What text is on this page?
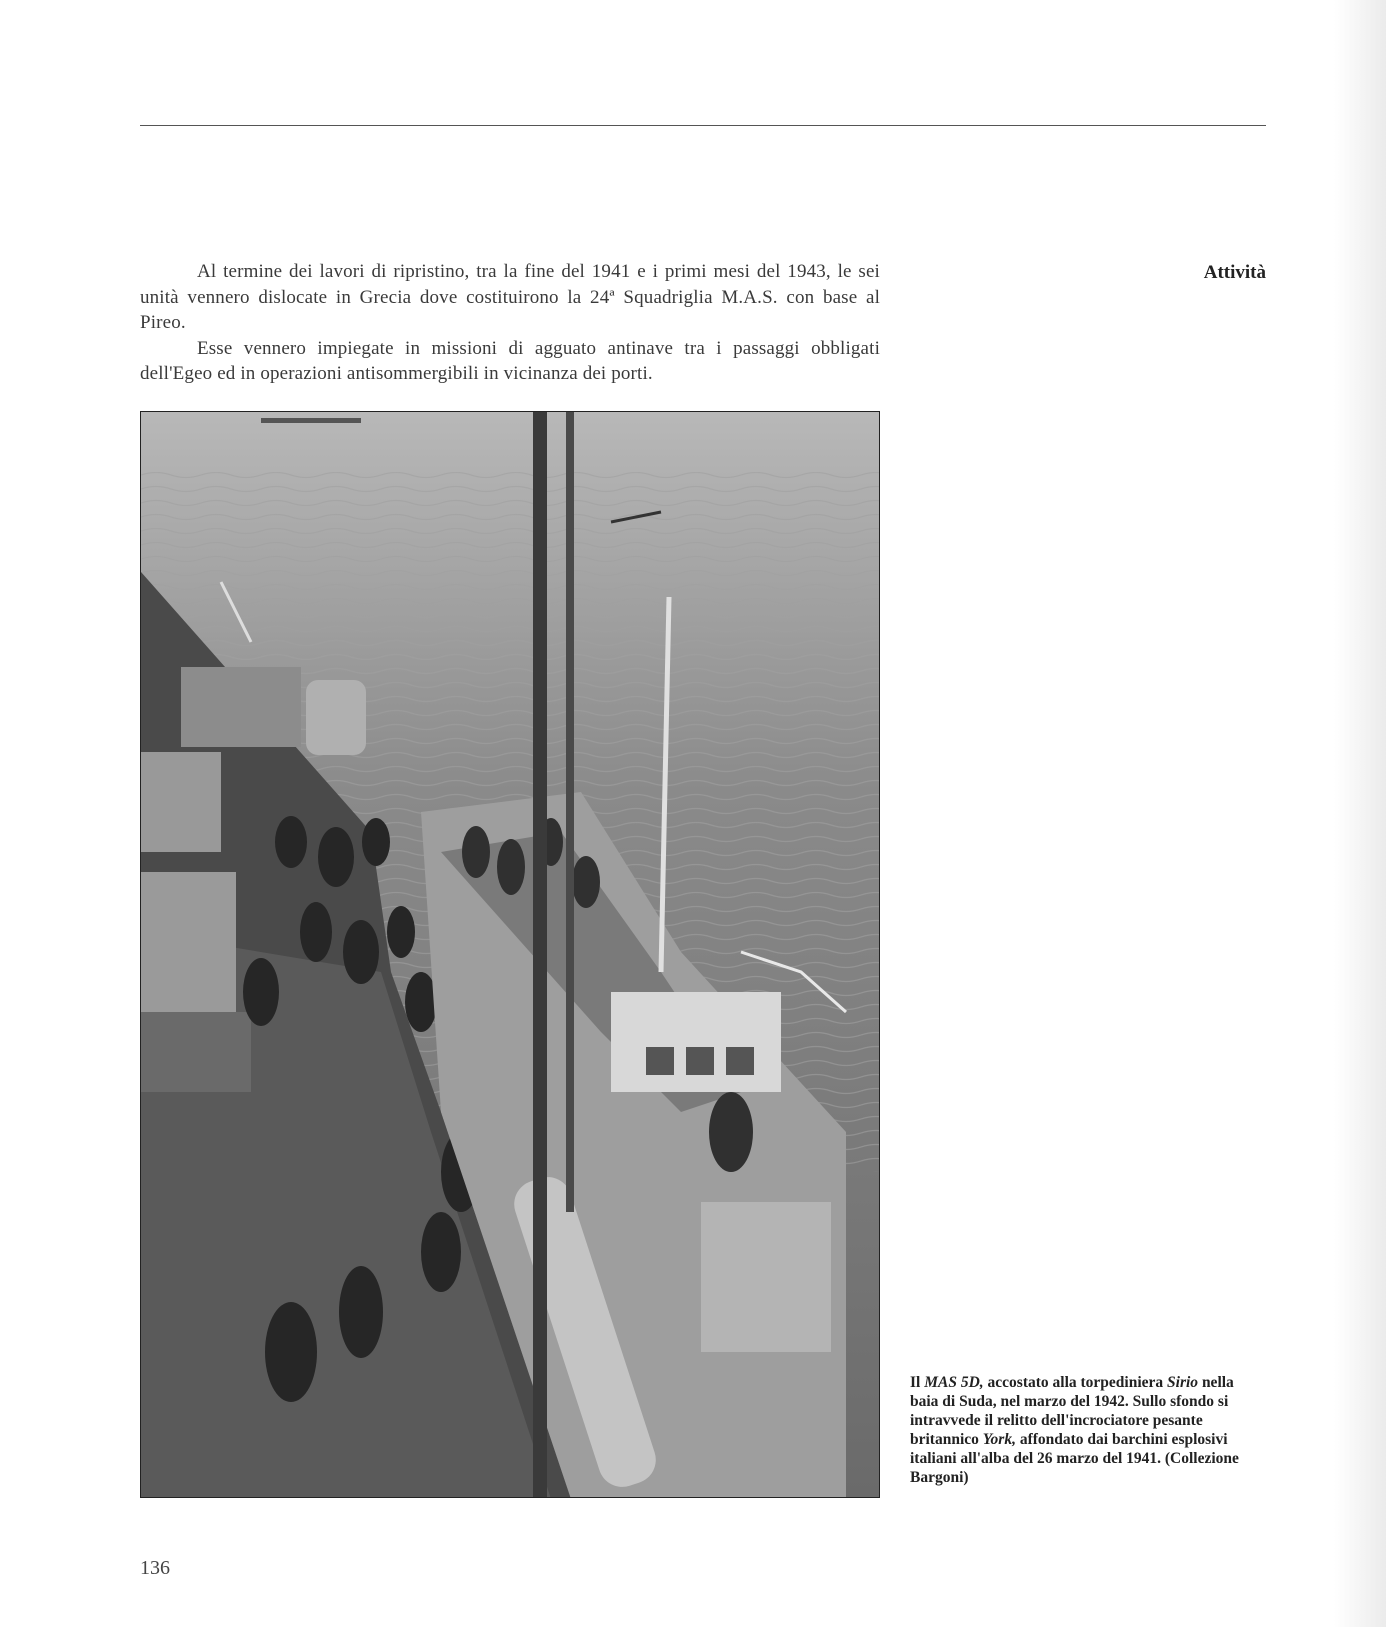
Al termine dei lavori di ripristino, tra la fine del 1941 e i primi mesi del 1943, le sei unità vennero dislocate in Grecia dove costituirono la 24ª Squadriglia M.A.S. con base al Pireo.

Esse vennero impiegate in missioni di agguato antinave tra i passaggi obbligati dell'Egeo ed in operazioni antisommergibili in vicinanza dei porti.

Attività
Il MAS 5D, accostato alla torpediniera Sirio nella baia di Suda, nel marzo del 1942. Sullo sfondo si intravvede il relitto dell'incrociatore pesante britannico York, affondato dai barchini esplosivi italiani all'alba del 26 marzo del 1941. (Collezione Bargoni)
136
